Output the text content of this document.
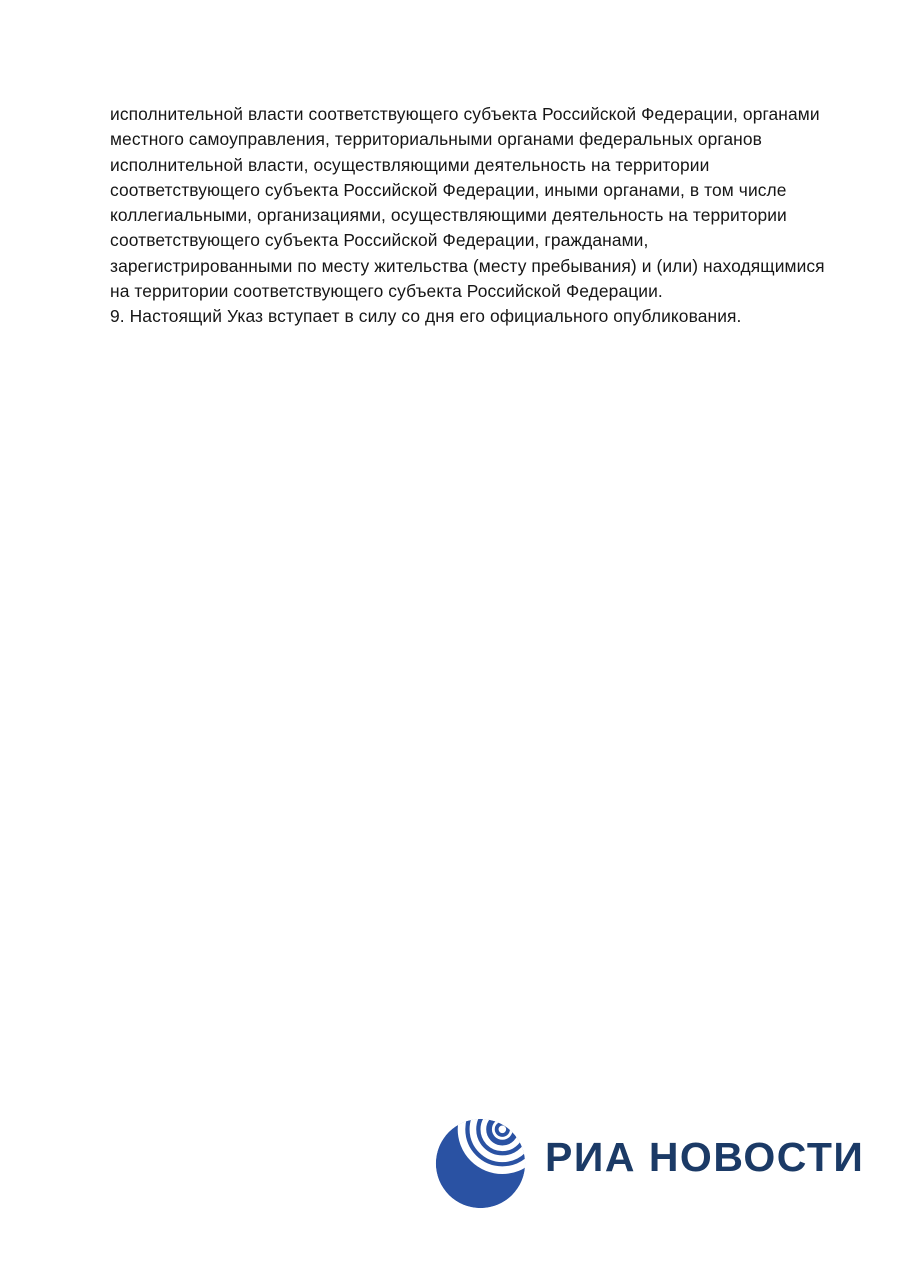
исполнительной власти соответствующего субъекта Российской Федерации, органами
местного самоуправления, территориальными органами федеральных органов
исполнительной власти, осуществляющими деятельность на территории
соответствующего субъекта Российской Федерации, иными органами, в том числе
коллегиальными, организациями, осуществляющими деятельность на территории
соответствующего субъекта Российской Федерации, гражданами,
зарегистрированными по месту жительства (месту пребывания) и (или) находящимися
на территории соответствующего субъекта Российской Федерации.
9. Настоящий Указ вступает в силу со дня его официального опубликования.
РИА НОВОСТИ
